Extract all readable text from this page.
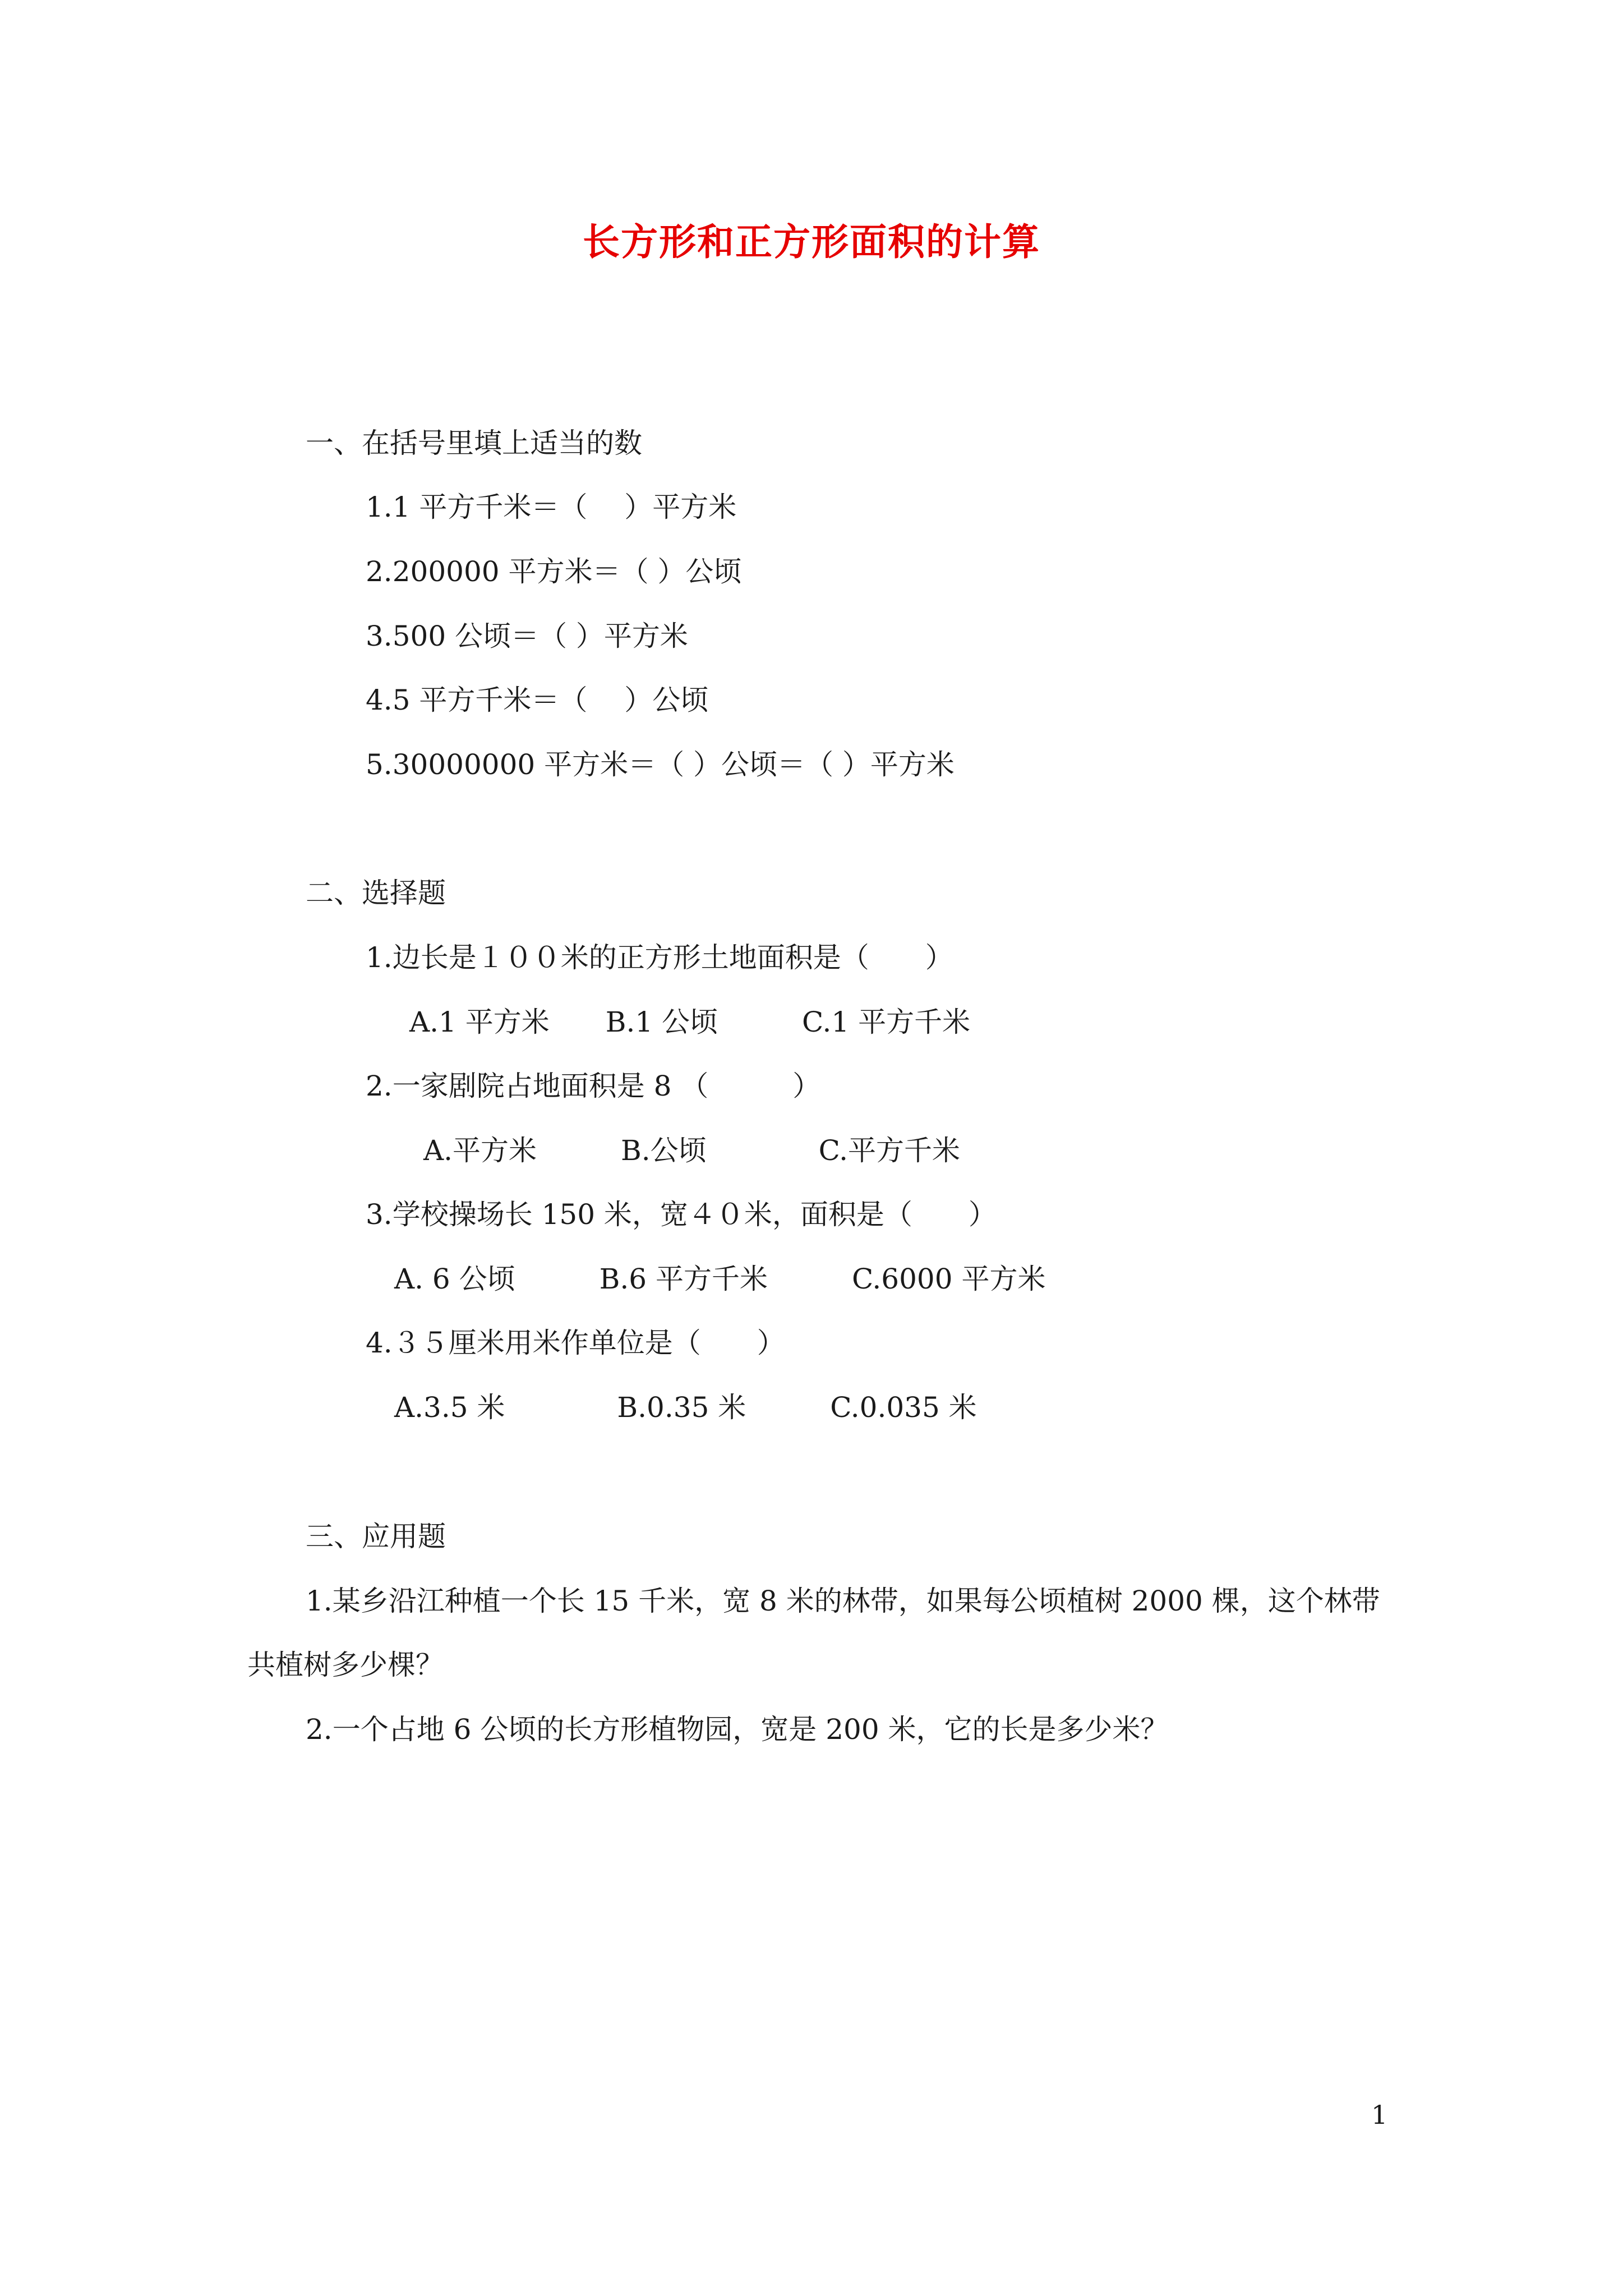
长方形和正方形面积的计算
一、在括号里填上适当的数
1.1 平方千米＝（　 ）平方米
2.200000 平方米＝（ ）公顷
3.500 公顷＝（ ）平方米
4.5 平方千米＝（　 ）公顷
5.30000000 平方米＝（ ）公顷＝（ ）平方米
二、选择题
1.边长是１００米的正方形土地面积是（　　）
A.1 平方米　　B.1 公顷　　　C.1 平方千米
2.一家剧院占地面积是 8 （　　　）
A.平方米　　　B.公顷　　　　C.平方千米
3.学校操场长 150 米，宽４０米，面积是（　　）
A. 6 公顷　　　B.6 平方千米　　　C.6000 平方米
4.３５厘米用米作单位是（　　）
A.3.5 米　　　　B.0.35 米　　　C.0.035 米
三、应用题
1.某乡沿江种植一个长 15 千米，宽 8 米的林带，如果每公顷植树 2000 棵，这个林带
共植树多少棵？
2.一个占地 6 公顷的长方形植物园，宽是 200 米，它的长是多少米？
1
